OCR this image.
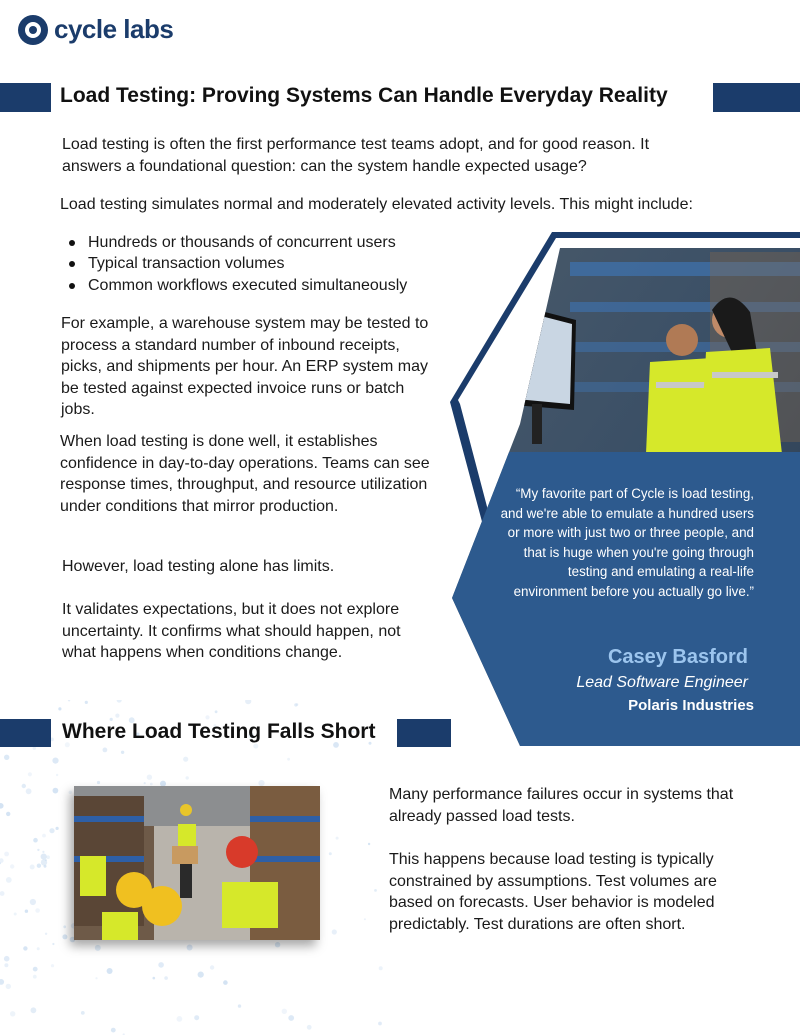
cycle labs
Load Testing: Proving Systems Can Handle Everyday Reality

Load testing is often the first performance test teams adopt, and for good reason. It answers a foundational question: can the system handle expected usage?

Load testing simulates normal and moderately elevated activity levels. This might include:

Hundreds or thousands of concurrent users
Typical transaction volumes
Common workflows executed simultaneously

For example, a warehouse system may be tested to process a standard number of inbound receipts, picks, and shipments per hour. An ERP system may be tested against expected invoice runs or batch jobs.

When load testing is done well, it establishes confidence in day-to-day operations. Teams can see response times, throughput, and resource utilization under conditions that mirror production.

However, load testing alone has limits.

It validates expectations, but it does not explore uncertainty. It confirms what should happen, not what happens when conditions change.

“My favorite part of Cycle is load testing, and we're able to emulate a hundred users or more with just two or three people, and that is huge when you're going through testing and emulating a real-life environment before you actually go live.”
Casey Basford
Lead Software Engineer
Polaris Industries
Where Load Testing Falls Short

Many performance failures occur in systems that already passed load tests.

This happens because load testing is typically constrained by assumptions. Test volumes are based on forecasts. User behavior is modeled predictably. Test durations are often short.
